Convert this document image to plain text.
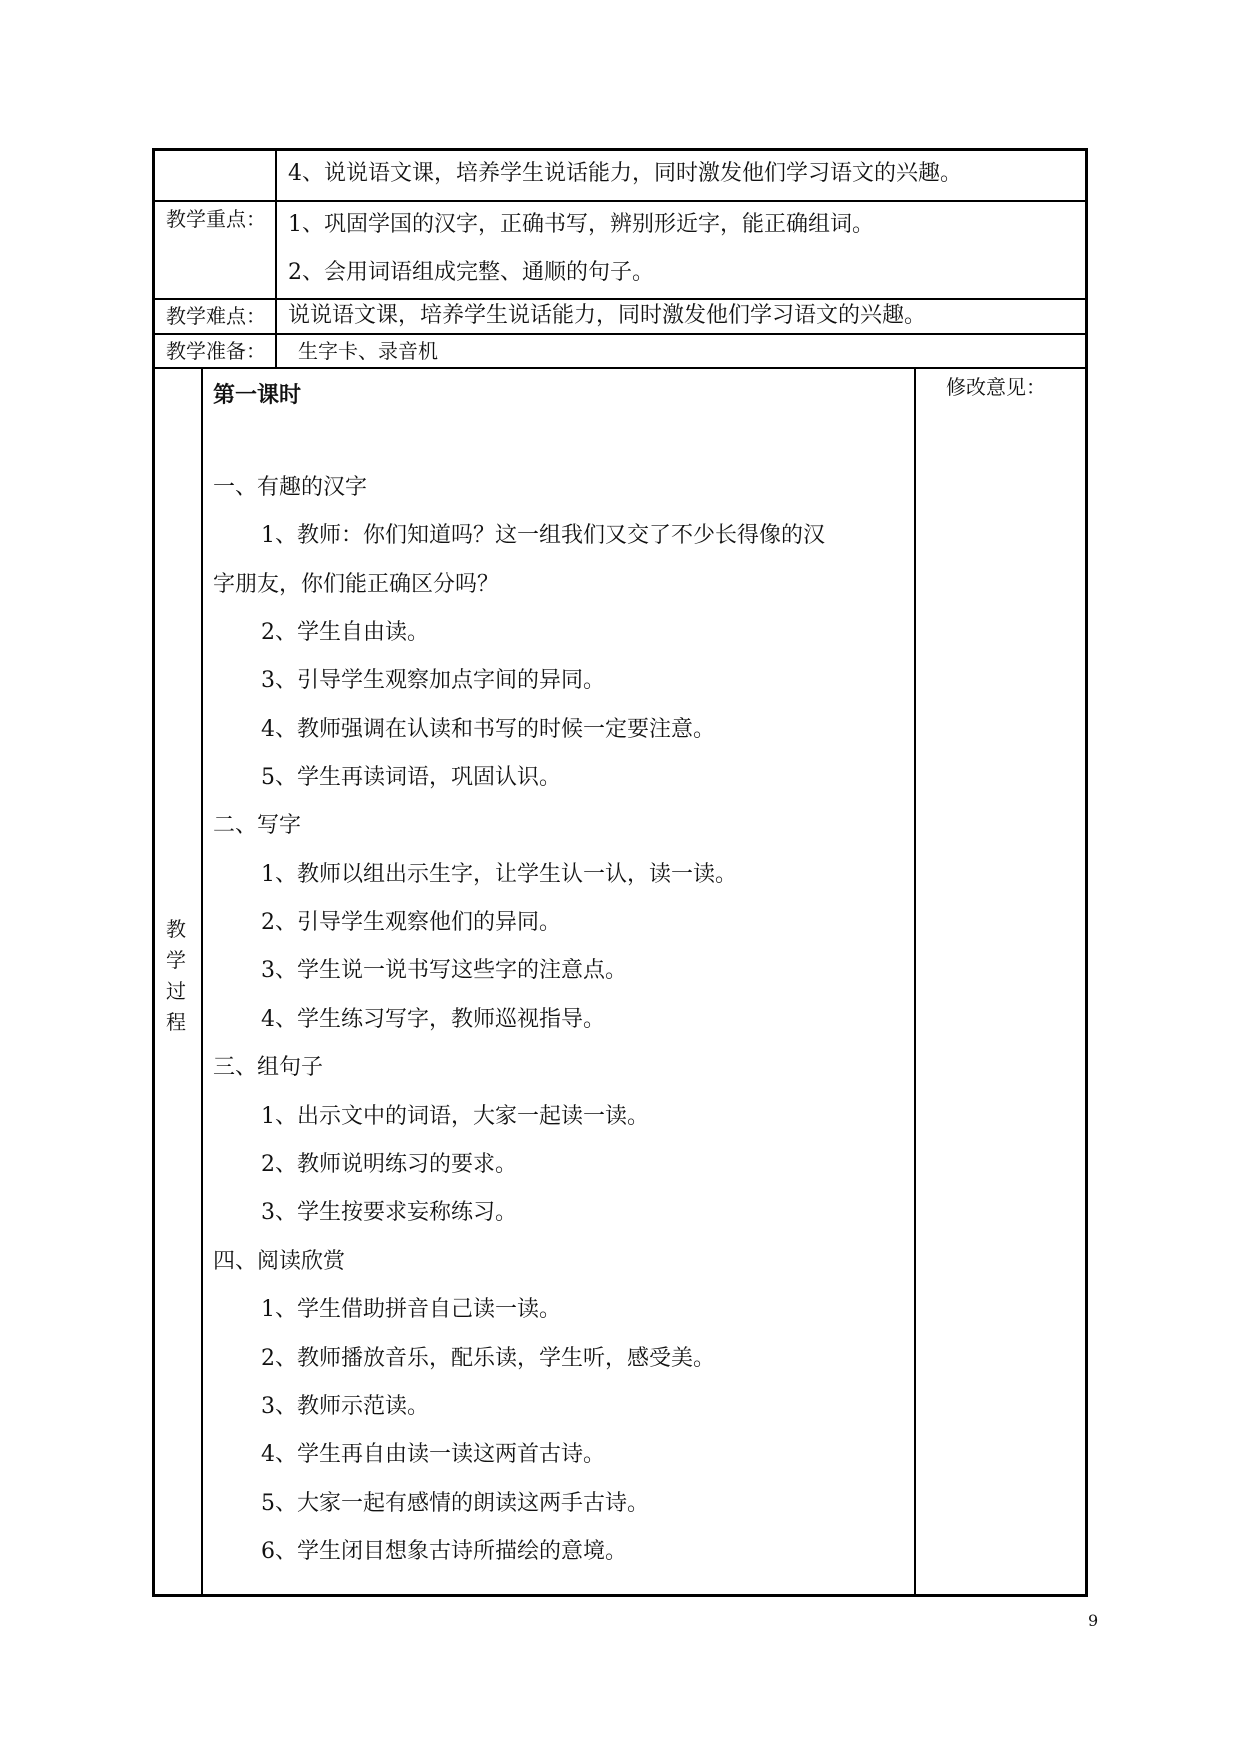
4、说说语文课，培养学生说话能力，同时激发他们学习语文的兴趣。
教学重点： 1、巩固学国的汉字，正确书写，辨别形近字，能正确组词。
2、会用词语组成完整、通顺的句子。
教学难点： 说说语文课，培养学生说话能力，同时激发他们学习语文的兴趣。
教学准备： 生字卡、录音机
教
学
过
程
修改意见：
第一课时
一、有趣的汉字
1、教师：你们知道吗？这一组我们又交了不少长得像的汉
字朋友，你们能正确区分吗？
2、学生自由读。
3、引导学生观察加点字间的异同。
4、教师强调在认读和书写的时候一定要注意。
5、学生再读词语，巩固认识。
二、写字
1、教师以组出示生字，让学生认一认，读一读。
2、引导学生观察他们的异同。
3、学生说一说书写这些字的注意点。
4、学生练习写字，教师巡视指导。
三、组句子
1、出示文中的词语，大家一起读一读。
2、教师说明练习的要求。
3、学生按要求妄称练习。
四、阅读欣赏
1、学生借助拼音自己读一读。
2、教师播放音乐，配乐读，学生听，感受美。
3、教师示范读。
4、学生再自由读一读这两首古诗。
5、大家一起有感情的朗读这两手古诗。
6、学生闭目想象古诗所描绘的意境。
9
